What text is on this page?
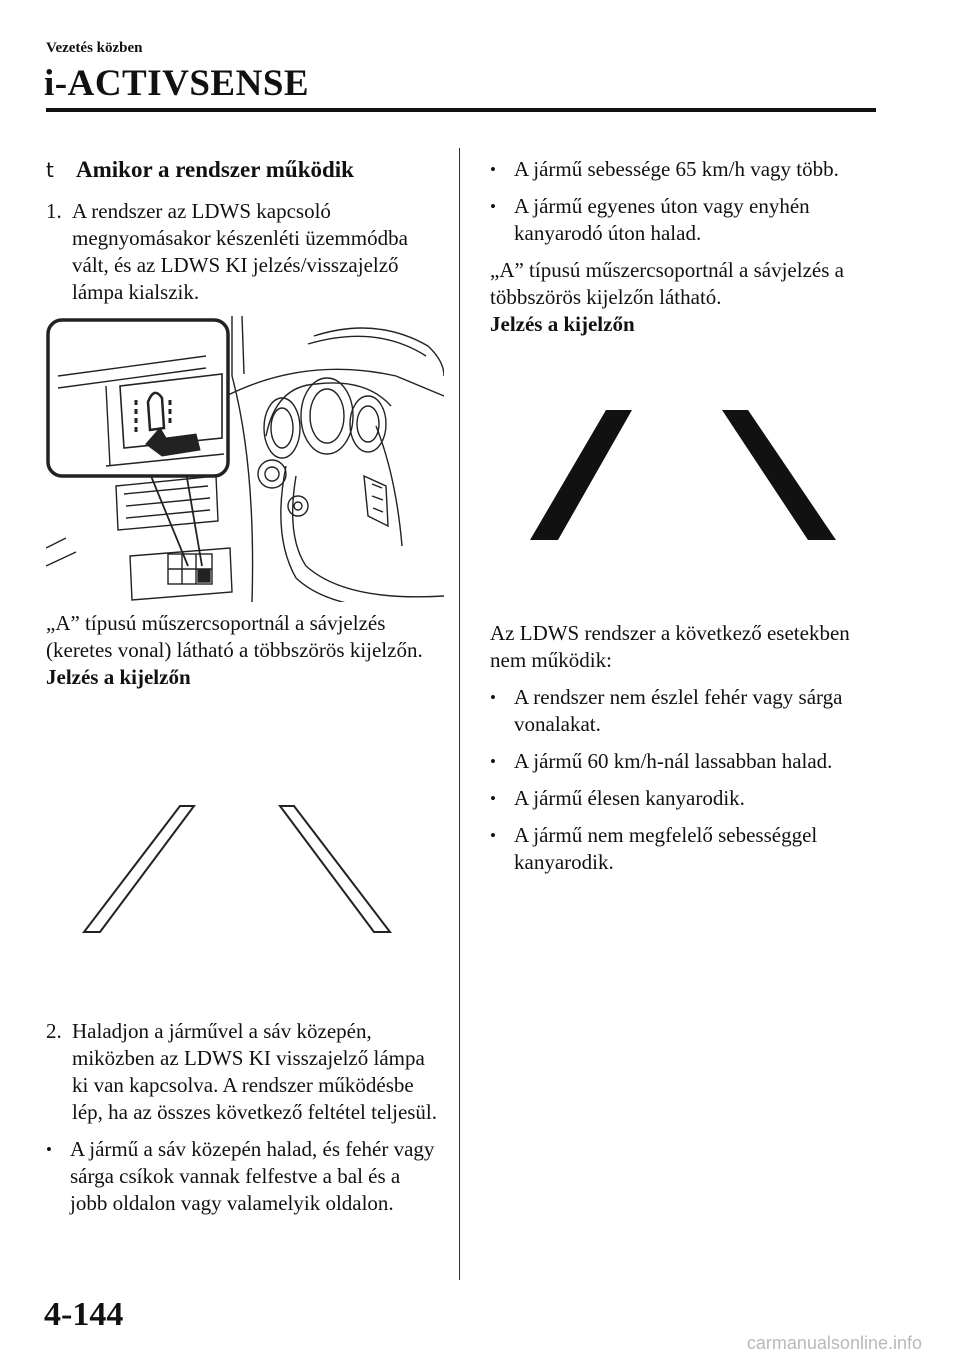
Vezetés közben
i-ACTIVSENSE

t Amikor a rendszer működik

1. A rendszer az LDWS kapcsoló megnyomásakor készenléti üzemmódba vált, és az LDWS KI jelzés/visszajelző lámpa kialszik.

„A” típusú műszercsoportnál a sávjelzés (keretes vonal) látható a többszörös kijelzőn.

Jelzés a kijelzőn

2. Haladjon a járművel a sáv közepén, miközben az LDWS KI visszajelző lámpa ki van kapcsolva. A rendszer működésbe lép, ha az összes következő feltétel teljesül.
• A jármű a sáv közepén halad, és fehér vagy sárga csíkok vannak felfestve a bal és a jobb oldalon vagy valamelyik oldalon.
• A jármű sebessége 65 km/h vagy több.
• A jármű egyenes úton vagy enyhén kanyarodó úton halad.

„A” típusú műszercsoportnál a sávjelzés a többszörös kijelzőn látható.

Jelzés a kijelzőn

Az LDWS rendszer a következő esetekben nem működik:

• A rendszer nem észlel fehér vagy sárga vonalakat.
• A jármű 60 km/h-nál lassabban halad.
• A jármű élesen kanyarodik.
• A jármű nem megfelelő sebességgel kanyarodik.
4-144
carmanualsonline.info
